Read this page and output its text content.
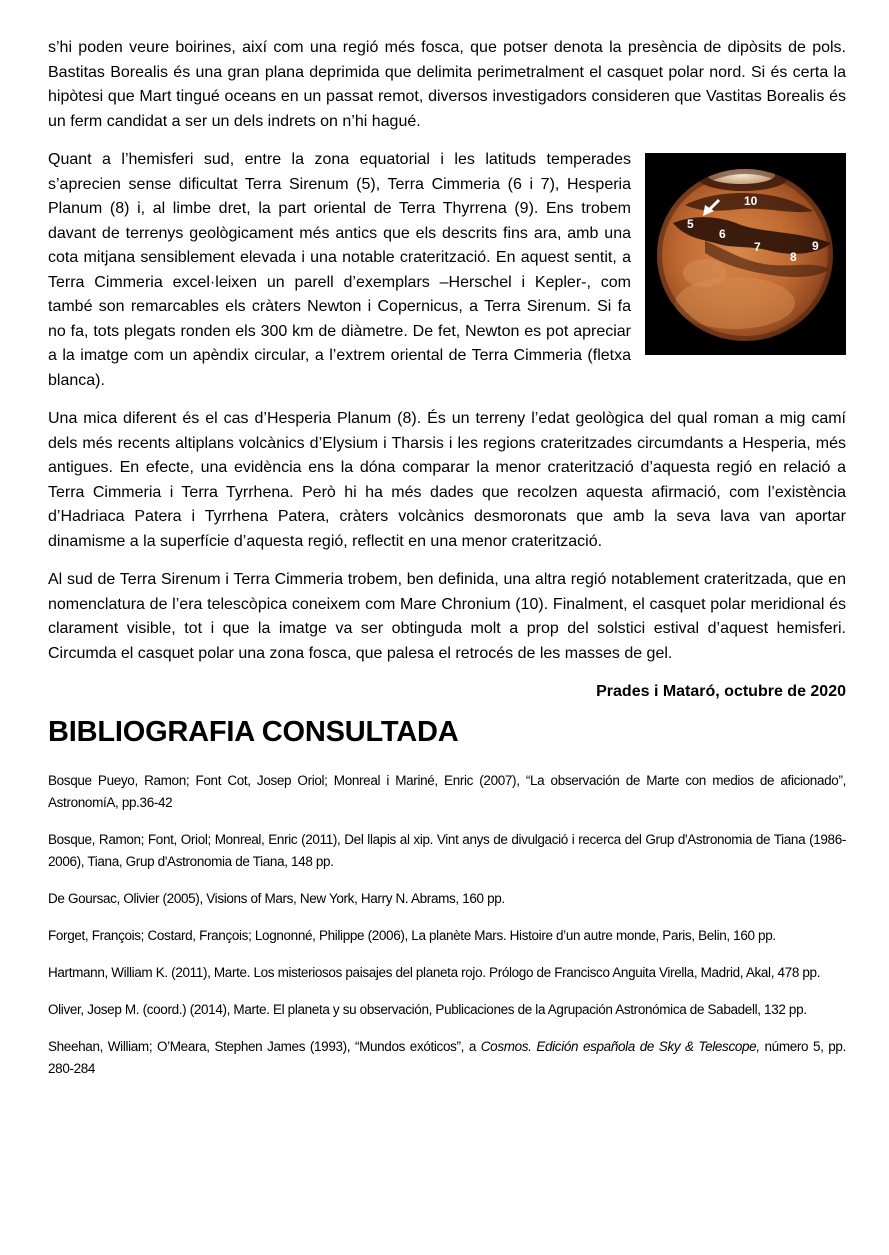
s’hi poden veure boirines, així com una regió més fosca, que potser denota la presència de dipòsits de pols. Bastitas Borealis és una gran plana deprimida que delimita perimetralment el casquet polar nord. Si és certa la hipòtesi que Mart tingué oceans en un passat remot, diversos investigadors consideren que Vastitas Borealis és un ferm candidat a ser un dels indrets on n’hi hagué.

5
10
6
7
8
9

Quant a l’hemisferi sud, entre la zona equatorial i les latituds temperades s’aprecien sense dificultat Terra Sirenum (5), Terra Cimmeria (6 i 7), Hesperia Planum (8) i, al limbe dret, la part oriental de Terra Thyrrena (9). Ens trobem davant de terrenys geològicament més antics que els descrits fins ara, amb una cota mitjana sensiblement elevada i una notable craterització. En aquest sentit, a Terra Cimmeria excel·leixen un parell d’exemplars –Herschel i Kepler-, com també son remarcables els cràters Newton i Copernicus, a Terra Sirenum. Si fa no fa, tots plegats ronden els 300 km de diàmetre. De fet, Newton es pot apreciar a la imatge com un apèndix circular, a l’extrem oriental de Terra Cimmeria (fletxa blanca).

Una mica diferent és el cas d’Hesperia Planum (8). És un terreny l’edat geològica del qual roman a mig camí dels més recents altiplans volcànics d’Elysium i Tharsis i les regions crateritzades circumdants a Hesperia, més antigues. En efecte, una evidència ens la dóna comparar la menor craterització d’aquesta regió en relació a Terra Cimmeria i Terra Tyrrhena. Però hi ha més dades que recolzen aquesta afirmació, com l’existència d’Hadriaca Patera i Tyrrhena Patera, cràters volcànics desmoronats que amb la seva lava van aportar dinamisme a la superfície d’aquesta regió, reflectit en una menor craterització.

Al sud de Terra Sirenum i Terra Cimmeria trobem, ben definida, una altra regió notablement crateritzada, que en nomenclatura de l’era telescòpica coneixem com Mare Chronium (10). Finalment, el casquet polar meridional és clarament visible, tot i que la imatge va ser obtinguda molt a prop del solstici estival d’aquest hemisferi. Circumda el casquet polar una zona fosca, que palesa el retrocés de les masses de gel.

Prades i Mataró, octubre de 2020

BIBLIOGRAFIA CONSULTADA

Bosque Pueyo, Ramon; Font Cot, Josep Oriol; Monreal i Mariné, Enric (2007), “La observación de Marte con medios de aficionado”, AstronomíA, pp.36-42

Bosque, Ramon; Font, Oriol; Monreal, Enric (2011), Del llapis al xip. Vint anys de divulgació i recerca del Grup d'Astronomia de Tiana (1986-2006), Tiana, Grup d'Astronomia de Tiana, 148 pp.

De Goursac, Olivier (2005), Visions of Mars, New York, Harry N. Abrams, 160 pp.

Forget, François; Costard, François; Lognonné, Philippe (2006), La planète Mars. Histoire d’un autre monde, Paris, Belin, 160 pp.

Hartmann, William K. (2011), Marte. Los misteriosos paisajes del planeta rojo. Prólogo de Francisco Anguita Virella, Madrid, Akal, 478 pp.

Oliver, Josep M. (coord.) (2014), Marte. El planeta y su observación, Publicaciones de la Agrupación Astronómica de Sabadell, 132 pp.

Sheehan, William; O’Meara, Stephen James (1993), “Mundos exóticos”, a Cosmos. Edición española de Sky & Telescope, número 5, pp. 280-284
